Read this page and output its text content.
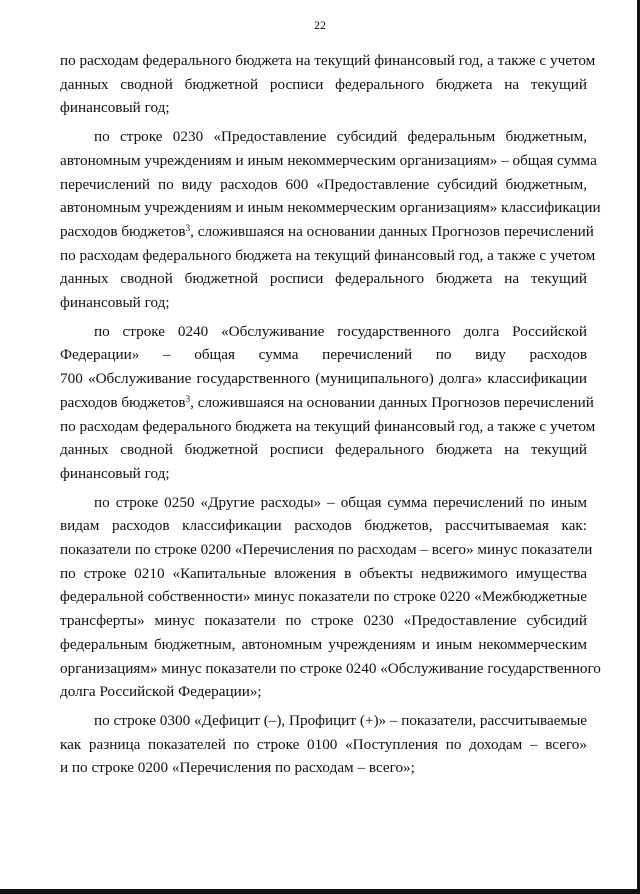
22

по расходам федерального бюджета на текущий финансовый год, а также с учетом
данных сводной бюджетной росписи федерального бюджета на текущий
финансовый год;

по строке 0230 «Предоставление субсидий федеральным бюджетным,
автономным учреждениям и иным некоммерческим организациям» – общая сумма
перечислений по виду расходов 600 «Предоставление субсидий бюджетным,
автономным учреждениям и иным некоммерческим организациям» классификации
расходов бюджетов$^3$, сложившаяся на основании данных Прогнозов перечислений
по расходам федерального бюджета на текущий финансовый год, а также с учетом
данных сводной бюджетной росписи федерального бюджета на текущий
финансовый год;

по строке 0240 «Обслуживание государственного долга Российской
Федерации» – общая сумма перечислений по виду расходов
700 «Обслуживание государственного (муниципального) долга» классификации
расходов бюджетов$^3$, сложившаяся на основании данных Прогнозов перечислений
по расходам федерального бюджета на текущий финансовый год, а также с учетом
данных сводной бюджетной росписи федерального бюджета на текущий
финансовый год;

по строке 0250 «Другие расходы» – общая сумма перечислений по иным
видам расходов классификации расходов бюджетов, рассчитываемая как:
показатели по строке 0200 «Перечисления по расходам – всего» минус показатели
по строке 0210 «Капитальные вложения в объекты недвижимого имущества
федеральной собственности» минус показатели по строке 0220 «Межбюджетные
трансферты» минус показатели по строке 0230 «Предоставление субсидий
федеральным бюджетным, автономным учреждениям и иным некоммерческим
организациям» минус показатели по строке 0240 «Обслуживание государственного
долга Российской Федерации»;

по строке 0300 «Дефицит (–), Профицит (+)» – показатели, рассчитываемые
как разница показателей по строке 0100 «Поступления по доходам – всего»
и по строке 0200 «Перечисления по расходам – всего»;
